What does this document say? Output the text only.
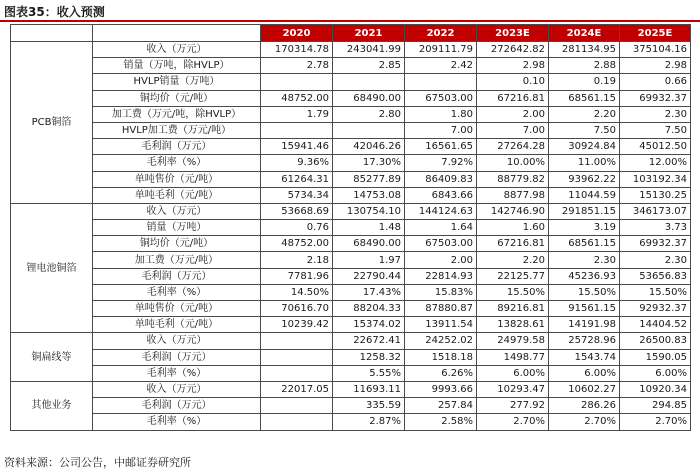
图表35：收入预测
		2020	2021	2022	2023E	2024E	2025E
PCB铜箔	收入（万元）	170314.78	243041.99	209111.79	272642.82	281134.95	375104.16
	销量（万吨，除HVLP）	2.78	2.85	2.42	2.98	2.88	2.98
	HVLP销量（万吨）				0.10	0.19	0.66
	铜均价（元/吨）	48752.00	68490.00	67503.00	67216.81	68561.15	69932.37
	加工费（万元/吨，除HVLP）	1.79	2.80	1.80	2.00	2.20	2.30
	HVLP加工费（万元/吨）			7.00	7.00	7.50	7.50
	毛利润（万元）	15941.46	42046.26	16561.65	27264.28	30924.84	45012.50
	毛利率（%）	9.36%	17.30%	7.92%	10.00%	11.00%	12.00%
	单吨售价（元/吨）	61264.31	85277.89	86409.83	88779.82	93962.22	103192.34
	单吨毛利（元/吨）	5734.34	14753.08	6843.66	8877.98	11044.59	15130.25
锂电池铜箔	收入（万元）	53668.69	130754.10	144124.63	142746.90	291851.15	346173.07
	销量（万吨）	0.76	1.48	1.64	1.60	3.19	3.73
	铜均价（元/吨）	48752.00	68490.00	67503.00	67216.81	68561.15	69932.37
	加工费（万元/吨）	2.18	1.97	2.00	2.20	2.30	2.30
	毛利润（万元）	7781.96	22790.44	22814.93	22125.77	45236.93	53656.83
	毛利率（%）	14.50%	17.43%	15.83%	15.50%	15.50%	15.50%
	单吨售价（元/吨）	70616.70	88204.33	87880.87	89216.81	91561.15	92932.37
	单吨毛利（元/吨）	10239.42	15374.02	13911.54	13828.61	14191.98	14404.52
铜扁线等	收入（万元）		22672.41	24252.02	24979.58	25728.96	26500.83
	毛利润（万元）		1258.32	1518.18	1498.77	1543.74	1590.05
	毛利率（%）		5.55%	6.26%	6.00%	6.00%	6.00%
其他业务	收入（万元）	22017.05	11693.11	9993.66	10293.47	10602.27	10920.34
	毛利润（万元）		335.59	257.84	277.92	286.26	294.85
	毛利率（%）		2.87%	2.58%	2.70%	2.70%	2.70%
资料来源：公司公告，中邮证券研究所
